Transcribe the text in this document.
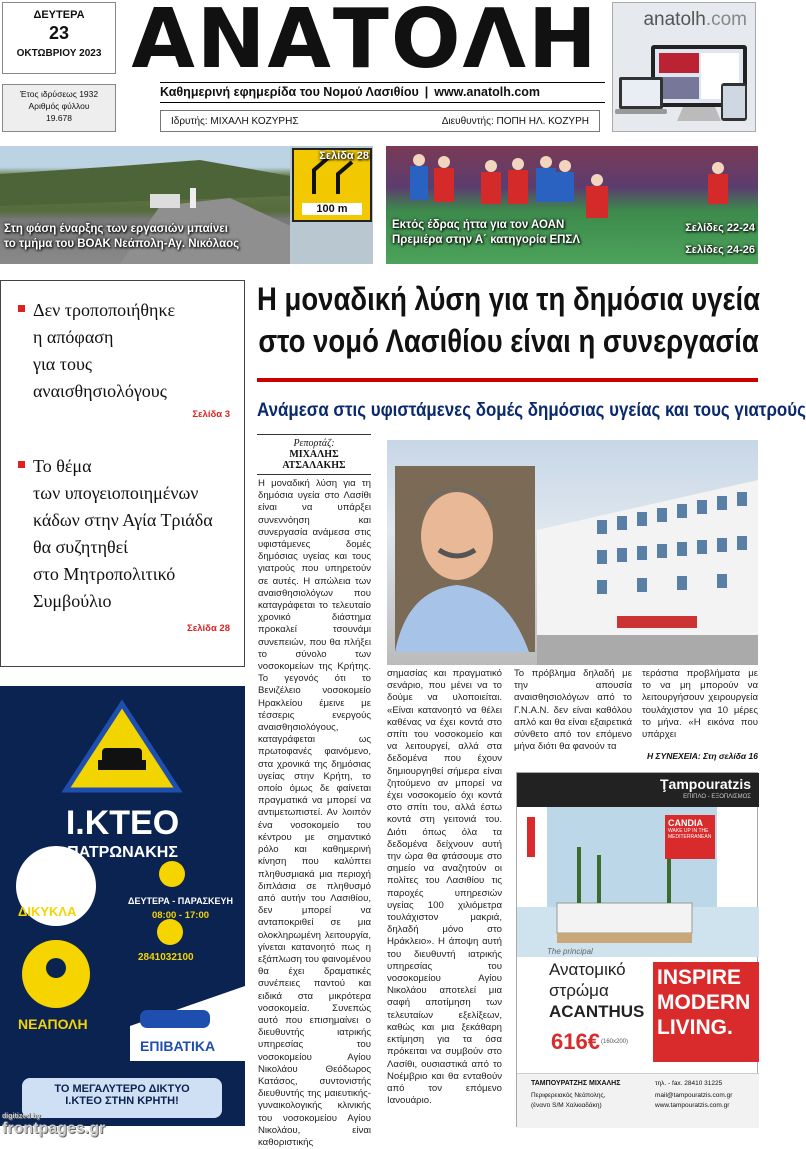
ΔΕΥΤΕΡΑ
23
ΟΚΤΩΒΡΙΟΥ 2023
Έτος ιδρύσεως 1932
Αριθμός φύλλου
19.678
ΑΝΑΤΟΛΗ
Καθημερινή εφημερίδα του Νομού Λασιθίου | www.anatolh.com
Ιδρυτής: ΜΙΧΑΛΗ ΚΟΖΥΡΗΣ	Διευθυντής: ΠΟΠΗ ΗΛ. ΚΟΖΥΡΗ
anatolh.com
100 m
Σελίδα 28
Στη φάση έναρξης των εργασιών μπαίνει
το τμήμα του ΒΟΑΚ Νεάπολη-Αγ. Νικόλαος
Εκτός έδρας ήττα για τον ΑΟΑΝ
Πρεμιέρα στην Α΄ κατηγορία ΕΠΣΛ
Σελίδες 22-24
Σελίδες 24-26
Δεν τροποποιήθηκε
η απόφαση
για τους
αναισθησιολόγους
Σελίδα 3
Το θέμα
των υπογειοποιημένων
κάδων στην Αγία Τριάδα
θα συζητηθεί
στο Μητροπολιτικό
Συμβούλιο
Σελίδα 28
Η μοναδική λύση για τη δημόσια υγεία
στο νομό Λασιθίου είναι η συνεργασία
Ανάμεσα στις υφιστάμενες δομές δημόσιας υγείας και τους γιατρούς
Ρεπορτάζ:
ΜΙΧΑΛΗΣ ΑΤΣΑΛΑΚΗΣ
Η μοναδική λύση για τη δημόσια υγεία στο Λασίθι είναι να υπάρξει συνεννόηση και συνεργασία ανάμεσα στις υφιστάμενες δομές δημόσιας υγείας και τους γιατρούς που υπηρετούν σε αυτές. Η απώλεια των αναισθησιολόγων που καταγράφεται το τελευταίο χρονικό διάστημα προκαλεί τσουνάμι συνεπειών, που θα πλήξει το σύνολο των νοσοκομείων της Κρήτης. Το γεγονός ότι το Βενιζέλειο νοσοκομείο Ηρακλείου έμεινε με τέσσερις ενεργούς αναισθησιολόγους, καταγράφεται ως πρωτοφανές φαινόμενο, στα χρονικά της δημόσιας υγείας στην Κρήτη, το οποίο όμως δε φαίνεται πραγματικά να μπορεί να αντιμετωπιστεί. Αν λοιπόν ένα νοσοκομείο του κέντρου με σημαντικό ρόλο και καθημερινή κίνηση που καλύπτει πληθυσμιακά μια περιοχή διπλάσια σε πληθυσμό από αυτήν του Λασιθίου, δεν μπορεί να ανταποκριθεί σε μια ολοκληρωμένη λειτουργία, γίνεται κατανοητό πως η εξάπλωση του φαινομένου θα έχει δραματικές συνέπειες παντού και ειδικά στα μικρότερα νοσοκομεία. Συνεπώς αυτό που επισημαίνει ο διευθυντής ιατρικής υπηρεσίας του νοσοκομείου Αγίου Νικολάου Θεόδωρος Κατάσος, συντονιστής διευθυντής της μαιευτικής- γυναικολογικής κλινικής του νοσοκομείου Αγίου Νικολάου, είναι καθοριστικής
σημασίας και πραγματικό σενάριο, που μένει να το δούμε να υλοποιείται. «Είναι κατανοητό να θέλει καθένας να έχει κοντά στο σπίτι του νοσοκομείο και να λειτουργεί, αλλά στα δεδομένα που έχουν δημιουργηθεί σήμερα είναι ζητούμενο αν μπορεί να έχει νοσοκομείο όχι κοντά στο σπίτι του, αλλά έστω κοντά στη γειτονιά του. Διότι όπως όλα τα δεδομένα δείχνουν αυτή την ώρα θα φτάσουμε στο σημείο να αναζητούν οι πολίτες του Λασιθίου τις παροχές υπηρεσιών υγείας 100 χιλιόμετρα τουλάχιστον μακριά, δηλαδή μόνο στο Ηράκλειο». Η άποψη αυτή του διευθυντή ιατρικής υπηρεσίας του νοσοκομείου Αγίου Νικολάου αποτελεί μια σαφή αποτίμηση των τελευταίων εξελίξεων, καθώς και μια ξεκάθαρη εκτίμηση για τα όσα πρόκειται να συμβούν στο Λασίθι, ουσιαστικά από το Νοέμβριο και θα ενταθούν από τον επόμενο Ιανουάριο.
Το πρόβλημα δηλαδή με την απουσία αναισθησιολόγων από το Γ.Ν.Α.Ν. δεν είναι καθόλου απλό και θα είναι εξαιρετικά σύνθετο από τον επόμενο μήνα διότι θα φανούν τα
τεράστια προβλήματα με το να μη μπορούν να λειτουργήσουν χειρουργεία τουλάχιστον για 10 μέρες το μήνα. «Η εικόνα που υπάρχει
Η ΣΥΝΕΧΕΙΑ: Στη σελίδα 16
Ι.ΚΤΕΟ
ΠΑΤΡΩΝΑΚΗΣ
ΔΙΚΥΚΛΑ
ΔΕΥΤΕΡΑ - ΠΑΡΑΣΚΕΥΗ
08:00 - 17:00
2841032100
ΝΕΑΠΟΛΗ
ΕΠΙΒΑΤΙΚΑ
ΤΟ ΜΕΓΑΛΥΤΕΡΟ ΔΙΚΤΥΟ
Ι.ΚΤΕΟ ΣΤΗΝ ΚΡΗΤΗ!
Ţampouratzis
ΕΠΙΠΛΟ - ΕΞΟΠΛΙΣΜΟΣ
CANDIA
WAKE UP IN THE MEDITERRANEAN
The principal
Ανατομικό
στρώμα
ACANTHUS
616€ (160x200)
INSPIRE
MODERN
LIVING.
ΤΑΜΠΟΥΡΑΤΖΗΣ ΜΙΧΑΛΗΣ
Περιφερειακός Νεάπολης,
(έναντι S/M Χαλκιαδάκη)
τηλ. - fax. 28410 31225
mail@tampouratzis.com.gr
www.tampouratzis.com.gr
digitized by
frontpages.gr
